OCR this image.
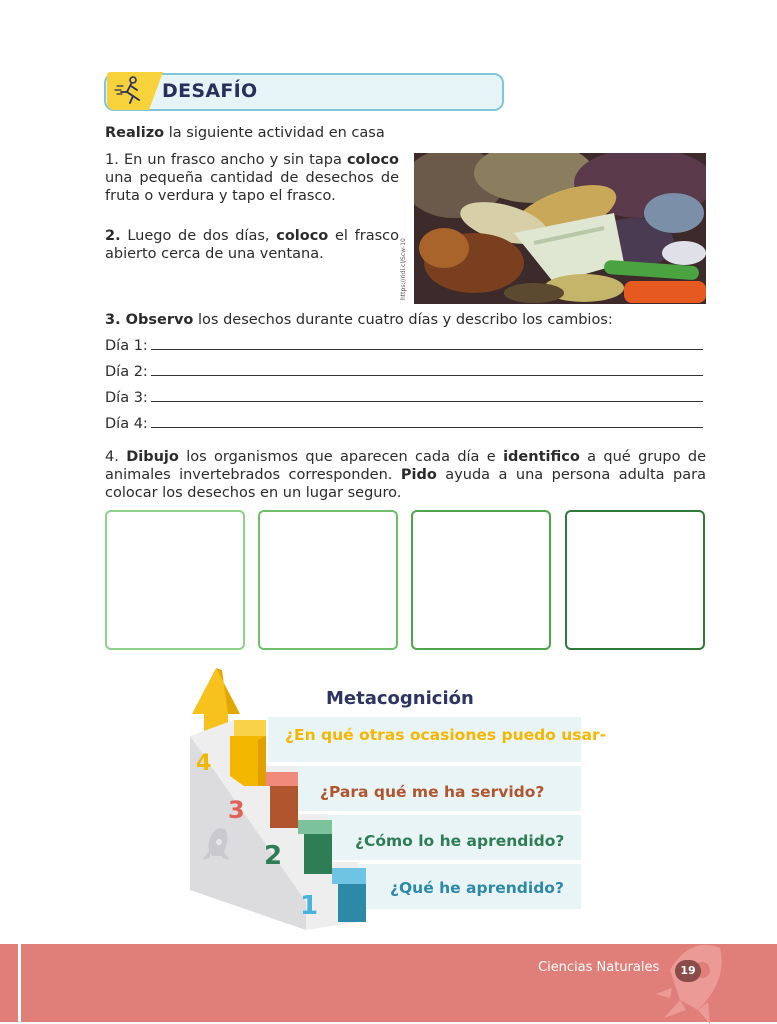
DESAFÍO
Realizo la siguiente actividad en casa
1. En un frasco ancho y sin tapa coloco una pequeña cantidad de desechos de fruta o verdura y tapo el frasco.
2. Luego de dos días, coloco el frasco abierto cerca de una ventana.	https://ridl.cl/Scw-10
3. Observo los desechos durante cuatro días y describo los cambios:
Día 1:
Día 2:
Día 3:
Día 4:
4. Dibujo los organismos que aparecen cada día e identifico a qué grupo de animales invertebrados corresponden. Pido ayuda a una persona adulta para colocar los desechos en un lugar seguro.
Metacognición
4
3
2
1
¿En qué otras ocasiones puedo usar-
¿Para qué me ha servido?
¿Cómo lo he aprendido?
¿Qué he aprendido?
Ciencias Naturales	19
